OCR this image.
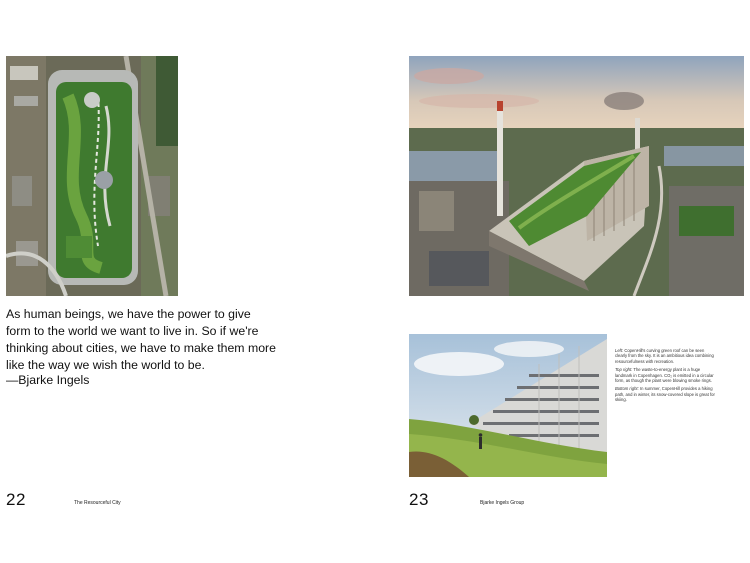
As human beings, we have the power to give form to the world we want to live in. So if we're thinking about cities, we have to make them more like the way we wish the world to be.
—Bjarke Ingels
22	The Resourceful City

Left: CopenHill's curving green roof can be seen clearly from the sky. It is an ambitious idea combining resourcefulness with recreation.

Top right: The waste-to-energy plant is a huge landmark in Copenhagen. CO₂ is emitted in a circular form, as though the plant were blowing smoke rings.

Bottom right: In summer, CopenHill provides a hiking path, and in winter, its snow-covered slope is great for skiing.

23	Bjarke Ingels Group
